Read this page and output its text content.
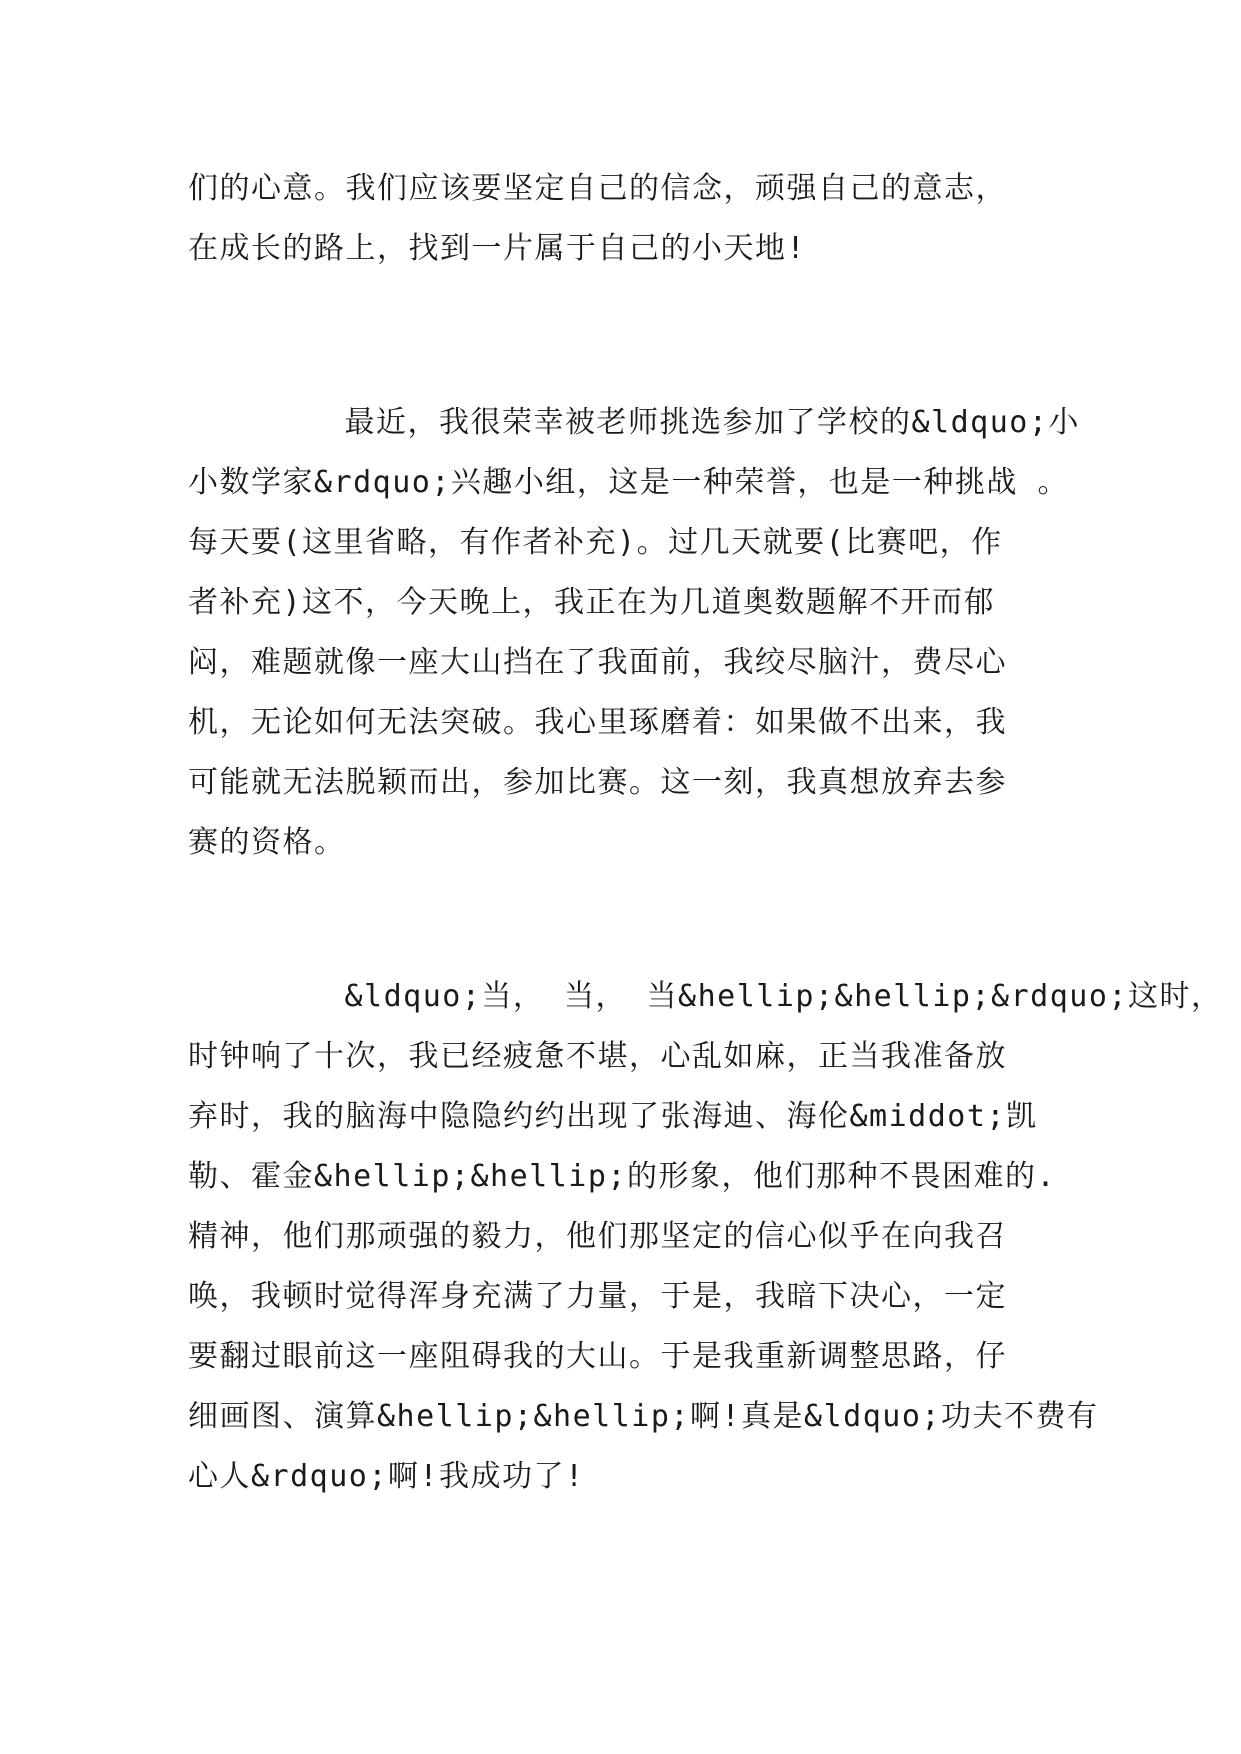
们的心意。我们应该要坚定自己的信念，顽强自己的意志，
在成长的路上，找到一片属于自己的小天地!
最近，我很荣幸被老师挑选参加了学校的&ldquo;小
小数学家&rdquo;兴趣小组，这是一种荣誉，也是一种挑战 。
每天要(这里省略，有作者补充)。过几天就要(比赛吧，作
者补充)这不，今天晚上，我正在为几道奥数题解不开而郁
闷，难题就像一座大山挡在了我面前，我绞尽脑汁，费尽心
机，无论如何无法突破。我心里琢磨着：如果做不出来，我
可能就无法脱颖而出，参加比赛。这一刻，我真想放弃去参
赛的资格。
&ldquo;当， 当， 当&hellip;&hellip;&rdquo;这时，
时钟响了十次，我已经疲惫不堪，心乱如麻，正当我准备放
弃时，我的脑海中隐隐约约出现了张海迪、海伦&middot;凯
勒、霍金&hellip;&hellip;的形象，他们那种不畏困难的.
精神，他们那顽强的毅力，他们那坚定的信心似乎在向我召
唤，我顿时觉得浑身充满了力量，于是，我暗下决心，一定
要翻过眼前这一座阻碍我的大山。于是我重新调整思路，仔
细画图、演算&hellip;&hellip;啊!真是&ldquo;功夫不费有
心人&rdquo;啊!我成功了!
